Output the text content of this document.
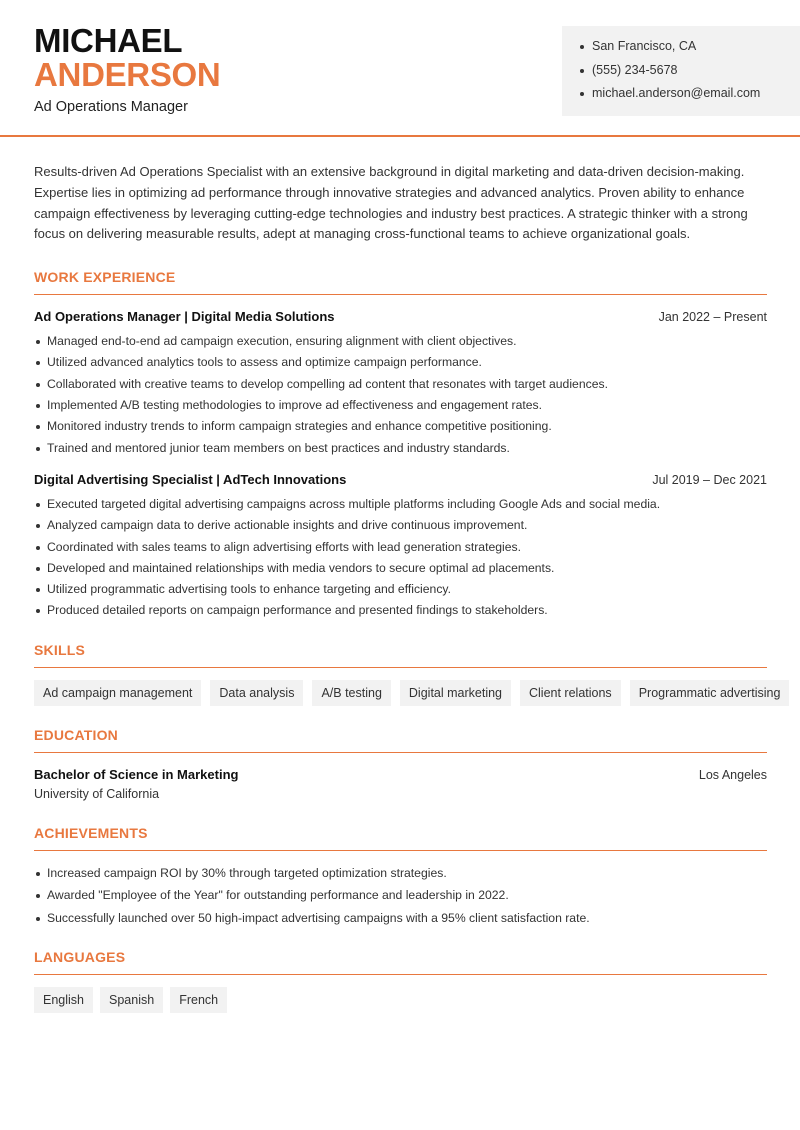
MICHAEL
ANDERSON
Ad Operations Manager
San Francisco, CA
(555) 234-5678
michael.anderson@email.com

Results-driven Ad Operations Specialist with an extensive background in digital marketing and data-driven decision-making. Expertise lies in optimizing ad performance through innovative strategies and advanced analytics. Proven ability to enhance campaign effectiveness by leveraging cutting-edge technologies and industry best practices. A strategic thinker with a strong focus on delivering measurable results, adept at managing cross-functional teams to achieve organizational goals.

WORK EXPERIENCE
Ad Operations Manager | Digital Media Solutions	Jan 2022 – Present
Managed end-to-end ad campaign execution, ensuring alignment with client objectives.
Utilized advanced analytics tools to assess and optimize campaign performance.
Collaborated with creative teams to develop compelling ad content that resonates with target audiences.
Implemented A/B testing methodologies to improve ad effectiveness and engagement rates.
Monitored industry trends to inform campaign strategies and enhance competitive positioning.
Trained and mentored junior team members on best practices and industry standards.
Digital Advertising Specialist | AdTech Innovations	Jul 2019 – Dec 2021
Executed targeted digital advertising campaigns across multiple platforms including Google Ads and social media.
Analyzed campaign data to derive actionable insights and drive continuous improvement.
Coordinated with sales teams to align advertising efforts with lead generation strategies.
Developed and maintained relationships with media vendors to secure optimal ad placements.
Utilized programmatic advertising tools to enhance targeting and efficiency.
Produced detailed reports on campaign performance and presented findings to stakeholders.
SKILLS
Ad campaign management	Data analysis	A/B testing	Digital marketing	Client relations	Programmatic advertising
EDUCATION
Bachelor of Science in Marketing	Los Angeles
University of California
ACHIEVEMENTS
Increased campaign ROI by 30% through targeted optimization strategies.
Awarded "Employee of the Year" for outstanding performance and leadership in 2022.
Successfully launched over 50 high-impact advertising campaigns with a 95% client satisfaction rate.
LANGUAGES
English	Spanish	French
